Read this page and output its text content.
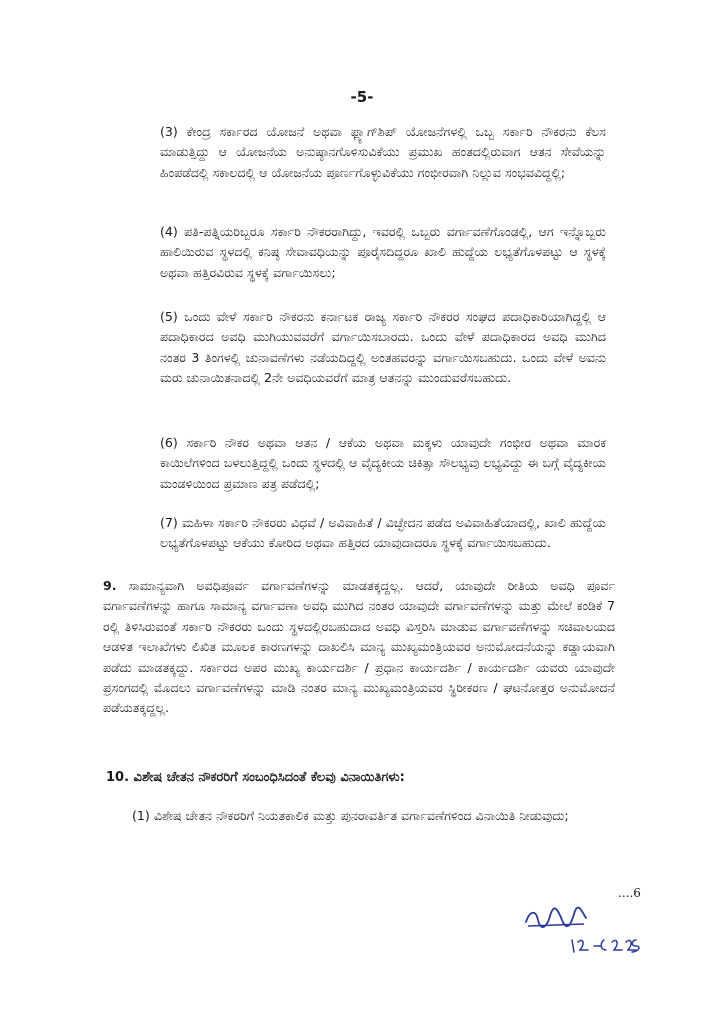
-5-
(3) ಕೇಂದ್ರ ಸರ್ಕಾರದ ಯೋಜನೆ ಅಥವಾ ಫ್ಲ್ಯಾಗ್‌ಶಿಪ್ ಯೋಜನೆಗಳಲ್ಲಿ ಒಬ್ಬ ಸರ್ಕಾರಿ ನೌಕರನು ಕೆಲಸ ಮಾಡುತ್ತಿದ್ದು ಆ ಯೋಜನೆಯ ಅನುಷ್ಠಾನಗೊಳಿಸುವಿಕೆಯು ಪ್ರಮುಖ ಹಂತದಲ್ಲಿರುವಾಗ ಆತನ ಸೇವೆಯನ್ನು ಹಿಂಪಡೆದಲ್ಲಿ ಸಕಾಲದಲ್ಲಿ ಆ ಯೋಜನೆಯ ಪೂರ್ಣಗೊಳ್ಳುವಿಕೆಯು ಗಂಭೀರವಾಗಿ ನಿಲ್ಲುವ ಸಂಭವವಿದ್ದಲ್ಲಿ;
(4) ಪತಿ-ಪತ್ನಿಯರಿಬ್ಬರೂ ಸರ್ಕಾರಿ ನೌಕರರಾಗಿದ್ದು, ಇವರಲ್ಲಿ ಒಬ್ಬರು ವರ್ಗಾವಣೆಗೊಂಡಲ್ಲಿ, ಆಗ ಇನ್ನೊಬ್ಬರು ಹಾಲಿಯಿರುವ ಸ್ಥಳದಲ್ಲಿ ಕನಿಷ್ಠ ಸೇವಾವಧಿಯನ್ನು ಪೂರೈಸದಿದ್ದರೂ ಖಾಲಿ ಹುದ್ದೆಯ ಲಭ್ಯತೆಗೊಳಪಟ್ಟು ಆ ಸ್ಥಳಕ್ಕೆ ಅಥವಾ ಹತ್ತಿರವಿರುವ ಸ್ಥಳಕ್ಕೆ ವರ್ಗಾಯಿಸಲು;
(5) ಒಂದು ವೇಳೆ ಸರ್ಕಾರಿ ನೌಕರನು ಕರ್ನಾಟಕ ರಾಜ್ಯ ಸರ್ಕಾರಿ ನೌಕರರ ಸಂಘದ ಪದಾಧಿಕಾರಿಯಾಗಿದ್ದಲ್ಲಿ ಆ ಪದಾಧಿಕಾರದ ಅವಧಿ ಮುಗಿಯುವವರೆಗೆ ವರ್ಗಾಯಿಸಬಾರದು. ಒಂದು ವೇಳೆ ಪದಾಧಿಕಾರದ ಅವಧಿ ಮುಗಿದ ನಂತರ 3 ತಿಂಗಳಲ್ಲಿ ಚುನಾವಣೆಗಳು ನಡೆಯದಿದ್ದಲ್ಲಿ ಅಂತಹವರನ್ನು ವರ್ಗಾಯಿಸಬಹುದು. ಒಂದು ವೇಳೆ ಅವನು ಮರು ಚುನಾಯಿತನಾದಲ್ಲಿ 2ನೇ ಅವಧಿಯವರೆಗೆ ಮಾತ್ರ ಆತನನ್ನು ಮುಂದುವರೆಸಬಹುದು.
(6) ಸರ್ಕಾರಿ ನೌಕರ ಅಥವಾ ಆತನ / ಆಕೆಯ ಅಥವಾ ಮಕ್ಕಳು ಯಾವುದೇ ಗಂಭೀರ ಅಥವಾ ಮಾರಕ ಕಾಯಿಲೆಗಳಿಂದ ಬಳಲುತ್ತಿದ್ದಲ್ಲಿ ಒಂದು ಸ್ಥಳದಲ್ಲಿ ಆ ವೈದ್ಯಕೀಯ ಚಿಕಿತ್ಸಾ ಸೌಲಭ್ಯವು ಲಭ್ಯವಿದ್ದು ಈ ಬಗ್ಗೆ ವೈದ್ಯಕೀಯ ಮಂಡಳಿಯಿಂದ ಪ್ರಮಾಣ ಪತ್ರ ಪಡೆದಲ್ಲಿ;
(7) ಮಹಿಳಾ ಸರ್ಕಾರಿ ನೌಕರರು ವಿಧವೆ / ಅವಿವಾಹಿತೆ / ವಿಚ್ಛೇದನ ಪಡೆದ ಅವಿವಾಹಿತೆಯಾದಲ್ಲಿ, ಖಾಲಿ ಹುದ್ದೆಯ ಲಭ್ಯತೆಗೊಳಪಟ್ಟು ಆಕೆಯು ಕೋರಿದ ಅಥವಾ ಹತ್ತಿರದ ಯಾವುದಾದರೂ ಸ್ಥಳಕ್ಕೆ ವರ್ಗಾಯಿಸಬಹುದು.
9. ಸಾಮಾನ್ಯವಾಗಿ ಅವಧಿಪೂರ್ವ ವರ್ಗಾವಣೆಗಳನ್ನು ಮಾಡತಕ್ಕದ್ದಲ್ಲ. ಆದರೆ, ಯಾವುದೇ ರೀತಿಯ ಅವಧಿ ಪೂರ್ವ ವರ್ಗಾವಣೆಗಳನ್ನು ಹಾಗೂ ಸಾಮಾನ್ಯ ವರ್ಗಾವಣಾ ಅವಧಿ ಮುಗಿದ ನಂತರ ಯಾವುದೇ ವರ್ಗಾವಣೆಗಳನ್ನು ಮತ್ತು ಮೇಲೆ ಕಂಡಿಕೆ 7 ರಲ್ಲಿ ತಿಳಿಸಿರುವಂತೆ ಸರ್ಕಾರಿ ನೌಕರರು ಒಂದು ಸ್ಥಳದಲ್ಲಿರಬಹುದಾದ ಅವಧಿ ವಿಸ್ತರಿಸಿ ಮಾಡುವ ವರ್ಗಾವಣೆಗಳನ್ನು ಸಚಿವಾಲಯದ ಆಡಳಿತ ಇಲಾಖೆಗಳು ಲಿಖಿತ ಮೂಲಕ ಕಾರಣಗಳನ್ನು ದಾಖಲಿಸಿ ಮಾನ್ಯ ಮುಖ್ಯಮಂತ್ರಿಯವರ ಅನುಮೋದನೆಯನ್ನು ಕಡ್ಡಾಯವಾಗಿ ಪಡೆದು ಮಾಡತಕ್ಕದ್ದು. ಸರ್ಕಾರದ ಅಪರ ಮುಖ್ಯ ಕಾರ್ಯದರ್ಶಿ / ಪ್ರಧಾನ ಕಾರ್ಯದರ್ಶಿ / ಕಾರ್ಯದರ್ಶಿ ಯವರು ಯಾವುದೇ ಪ್ರಸಂಗದಲ್ಲಿ ಮೊದಲು ವರ್ಗಾವಣೆಗಳನ್ನು ಮಾಡಿ ನಂತರ ಮಾನ್ಯ ಮುಖ್ಯಮಂತ್ರಿಯವರ ಸ್ಥಿರೀಕರಣ / ಘಟನೋತ್ತರ ಅನುಮೋದನೆ ಪಡೆಯತಕ್ಕದ್ದಲ್ಲ.
10. ವಿಶೇಷ ಚೇತನ ನೌಕರರಿಗೆ ಸಂಬಂಧಿಸಿದಂತೆ ಕೆಲವು ವಿನಾಯಿತಿಗಳು:
(1) ವಿಶೇಷ ಚೇತನ ನೌಕರರಿಗೆ ನಿಯತಕಾಲಿಕ ಮತ್ತು ಪುನರಾವರ್ತಿತ ವರ್ಗಾವಣೆಗಳಿಂದ ವಿನಾಯಿತಿ ನೀಡುವುದು;
....6
